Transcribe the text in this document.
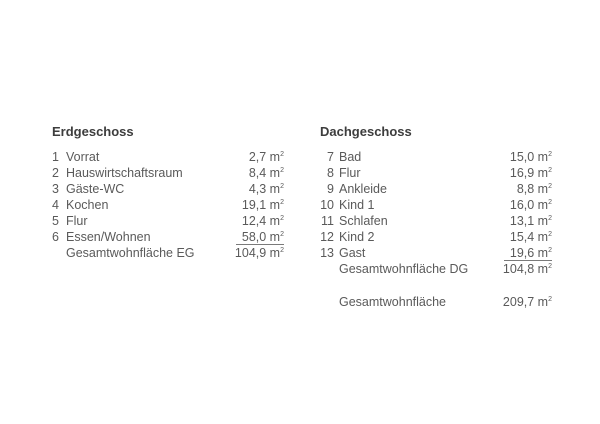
Erdgeschoss
1 Vorrat	2,7 $m^2$
2 Hauswirtschaftsraum	8,4 $m^2$
3 Gäste-WC	4,3 $m^2$
4 Kochen	19,1 $m^2$
5 Flur	12,4 $m^2$
6 Essen/Wohnen	58,0 $m^2$
Gesamtwohnfläche EG	104,9 $m^2$
Dachgeschoss
7 Bad	15,0 $m^2$
8 Flur	16,9 $m^2$
9 Ankleide	8,8 $m^2$
10 Kind 1	16,0 $m^2$
11 Schlafen	13,1 $m^2$
12 Kind 2	15,4 $m^2$
13 Gast	19,6 $m^2$
Gesamtwohnfläche DG	104,8 $m^2$
Gesamtwohnfläche	209,7 $m^2$
